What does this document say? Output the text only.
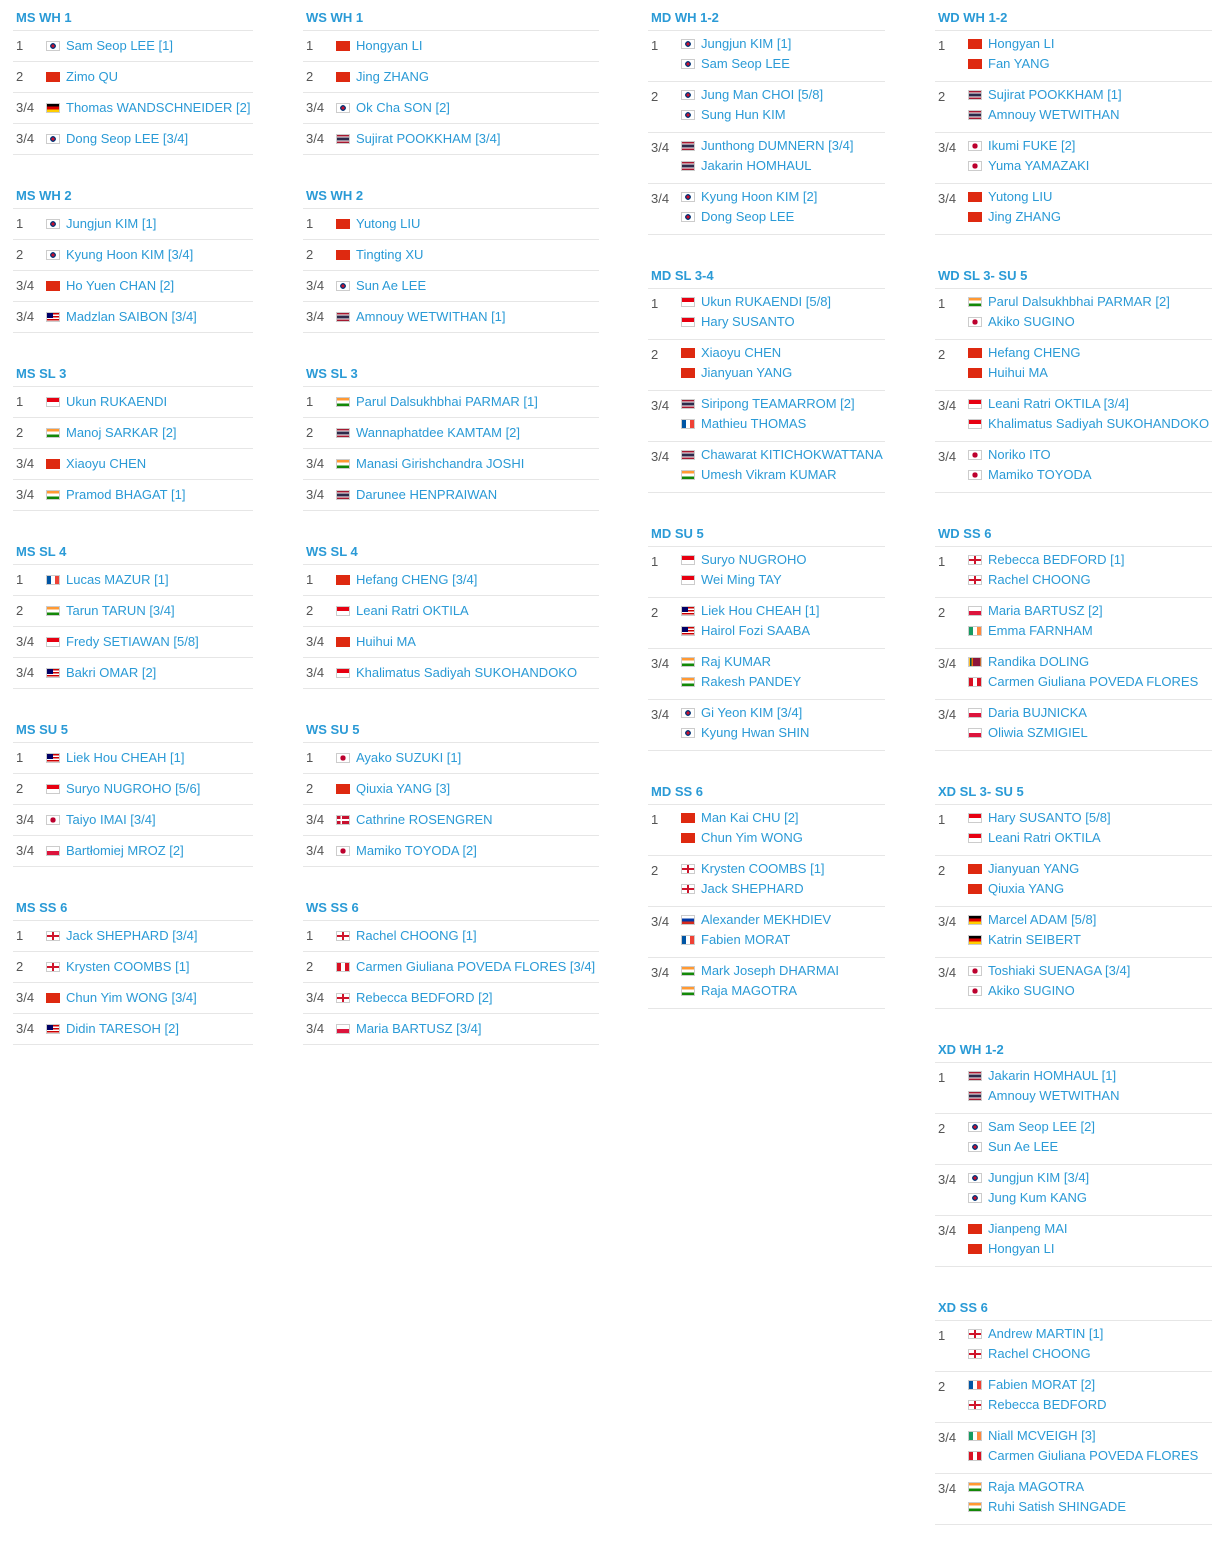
MS WH 1
1	Sam Seop LEE [1]
2	Zimo QU
3/4 Thomas WANDSCHNEIDER [2]
3/4 Dong Seop LEE [3/4]
MS WH 2
1	Jungjun KIM [1]
2	Kyung Hoon KIM [3/4]
3/4 Ho Yuen CHAN [2]
3/4 Madzlan SAIBON [3/4]
MS SL 3
1	Ukun RUKAENDI
2	Manoj SARKAR [2]
3/4 Xiaoyu CHEN
3/4 Pramod BHAGAT [1]
MS SL 4
1	Lucas MAZUR [1]
2	Tarun TARUN [3/4]
3/4 Fredy SETIAWAN [5/8]
3/4 Bakri OMAR [2]
MS SU 5
1	Liek Hou CHEAH [1]
2	Suryo NUGROHO [5/6]
3/4 Taiyo IMAI [3/4]
3/4 Bartłomiej MROZ [2]
MS SS 6
1	Jack SHEPHARD [3/4]
2	Krysten COOMBS [1]
3/4 Chun Yim WONG [3/4]
3/4 Didin TARESOH [2]
WS WH 1
1	Hongyan LI
2	Jing ZHANG
3/4 Ok Cha SON [2]
3/4 Sujirat POOKKHAM [3/4]
WS WH 2
1	Yutong LIU
2	Tingting XU
3/4 Sun Ae LEE
3/4 Amnouy WETWITHAN [1]
WS SL 3
1	Parul Dalsukhbhai PARMAR [1]
2	Wannaphatdee KAMTAM [2]
3/4 Manasi Girishchandra JOSHI
3/4 Darunee HENPRAIWAN
WS SL 4
1	Hefang CHENG [3/4]
2	Leani Ratri OKTILA
3/4 Huihui MA
3/4 Khalimatus Sadiyah SUKOHANDOKO
WS SU 5
1	Ayako SUZUKI [1]
2	Qiuxia YANG [3]
3/4 Cathrine ROSENGREN
3/4 Mamiko TOYODA [2]
WS SS 6
1	Rachel CHOONG [1]
2	Carmen Giuliana POVEDA FLORES [3/4]
3/4 Rebecca BEDFORD [2]
3/4 Maria BARTUSZ [3/4]
MD WH 1-2
1	Jungjun KIM [1]
Sam Seop LEE
2	Jung Man CHOI [5/8]
Sung Hun KIM
3/4 Junthong DUMNERN [3/4]
Jakarin HOMHAUL
3/4 Kyung Hoon KIM [2]
Dong Seop LEE
MD SL 3-4
1	Ukun RUKAENDI [5/8]
Hary SUSANTO
2	Xiaoyu CHEN
Jianyuan YANG
3/4 Siripong TEAMARROM [2]
Mathieu THOMAS
3/4 Chawarat KITICHOKWATTANA
Umesh Vikram KUMAR
MD SU 5
1	Suryo NUGROHO
Wei Ming TAY
2	Liek Hou CHEAH [1]
Hairol Fozi SAABA
3/4 Raj KUMAR
Rakesh PANDEY
3/4 Gi Yeon KIM [3/4]
Kyung Hwan SHIN
MD SS 6
1	Man Kai CHU [2]
Chun Yim WONG
2	Krysten COOMBS [1]
Jack SHEPHARD
3/4 Alexander MEKHDIEV
Fabien MORAT
3/4 Mark Joseph DHARMAI
Raja MAGOTRA
WD WH 1-2
1	Hongyan LI
Fan YANG
2	Sujirat POOKKHAM [1]
Amnouy WETWITHAN
3/4 Ikumi FUKE [2]
Yuma YAMAZAKI
3/4 Yutong LIU
Jing ZHANG
WD SL 3- SU 5
1	Parul Dalsukhbhai PARMAR [2]
Akiko SUGINO
2	Hefang CHENG
Huihui MA
3/4 Leani Ratri OKTILA [3/4]
Khalimatus Sadiyah SUKOHANDOKO
3/4 Noriko ITO
Mamiko TOYODA
WD SS 6
1	Rebecca BEDFORD [1]
Rachel CHOONG
2	Maria BARTUSZ [2]
Emma FARNHAM
3/4 Randika DOLING
Carmen Giuliana POVEDA FLORES
3/4 Daria BUJNICKA
Oliwia SZMIGIEL
XD SL 3- SU 5
1	Hary SUSANTO [5/8]
Leani Ratri OKTILA
2	Jianyuan YANG
Qiuxia YANG
3/4 Marcel ADAM [5/8]
Katrin SEIBERT
3/4 Toshiaki SUENAGA [3/4]
Akiko SUGINO
XD WH 1-2
1	Jakarin HOMHAUL [1]
Amnouy WETWITHAN
2	Sam Seop LEE [2]
Sun Ae LEE
3/4 Jungjun KIM [3/4]
Jung Kum KANG
3/4 Jianpeng MAI
Hongyan LI
XD SS 6
1	Andrew MARTIN [1]
Rachel CHOONG
2	Fabien MORAT [2]
Rebecca BEDFORD
3/4 Niall MCVEIGH [3]
Carmen Giuliana POVEDA FLORES
3/4 Raja MAGOTRA
Ruhi Satish SHINGADE
